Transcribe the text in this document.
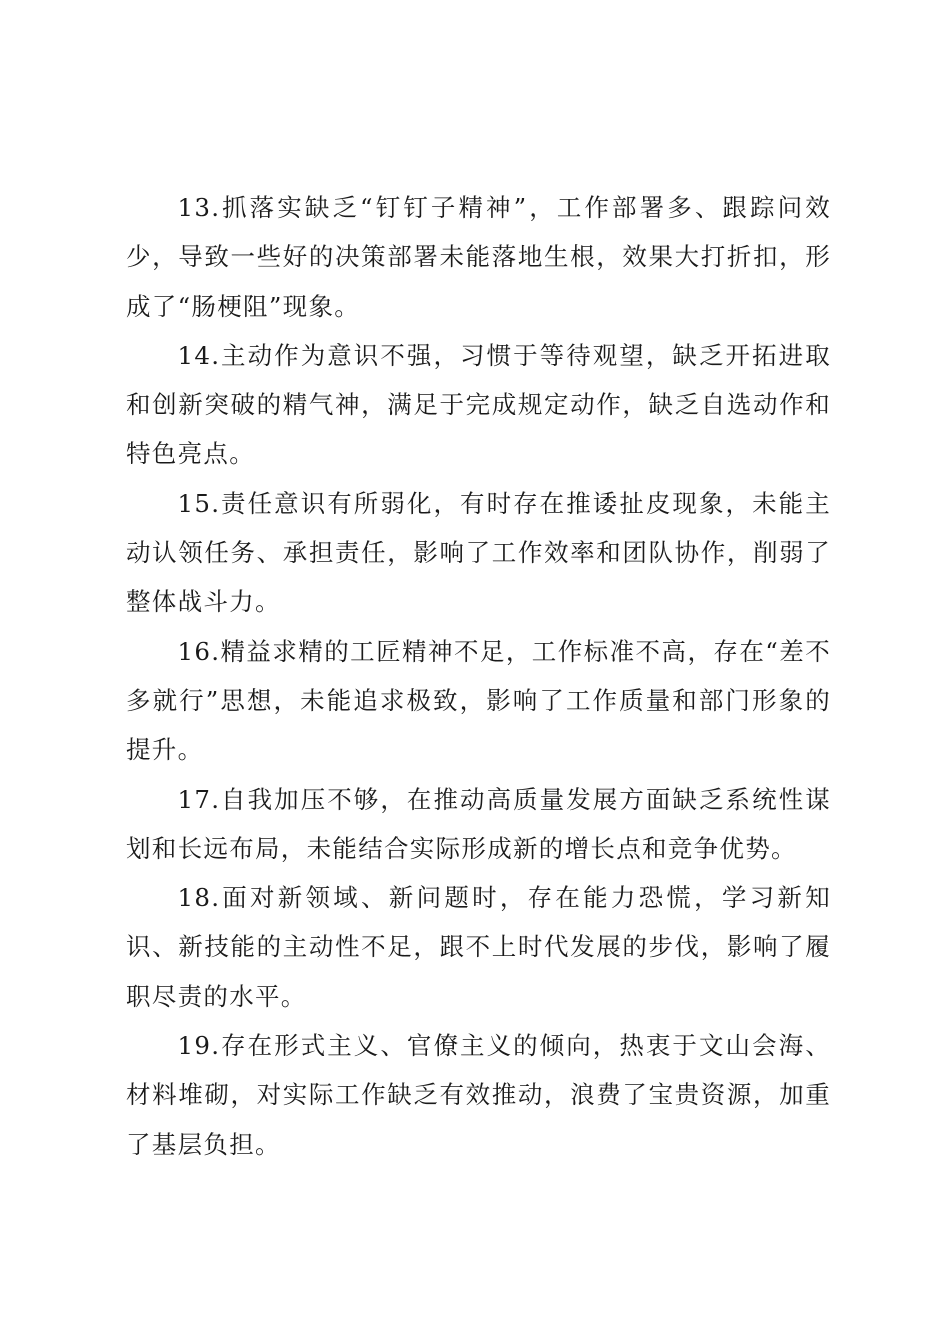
13.抓落实缺乏“钉钉子精神”，工作部署多、跟踪问效少，导致一些好的决策部署未能落地生根，效果大打折扣，形成了“肠梗阻”现象。

14.主动作为意识不强，习惯于等待观望，缺乏开拓进取和创新突破的精气神，满足于完成规定动作，缺乏自选动作和特色亮点。

15.责任意识有所弱化，有时存在推诿扯皮现象，未能主动认领任务、承担责任，影响了工作效率和团队协作，削弱了整体战斗力。

16.精益求精的工匠精神不足，工作标准不高，存在“差不多就行”思想，未能追求极致，影响了工作质量和部门形象的提升。

17.自我加压不够，在推动高质量发展方面缺乏系统性谋划和长远布局，未能结合实际形成新的增长点和竞争优势。

18.面对新领域、新问题时，存在能力恐慌，学习新知识、新技能的主动性不足，跟不上时代发展的步伐，影响了履职尽责的水平。

19.存在形式主义、官僚主义的倾向，热衷于文山会海、材料堆砌，对实际工作缺乏有效推动，浪费了宝贵资源，加重了基层负担。
